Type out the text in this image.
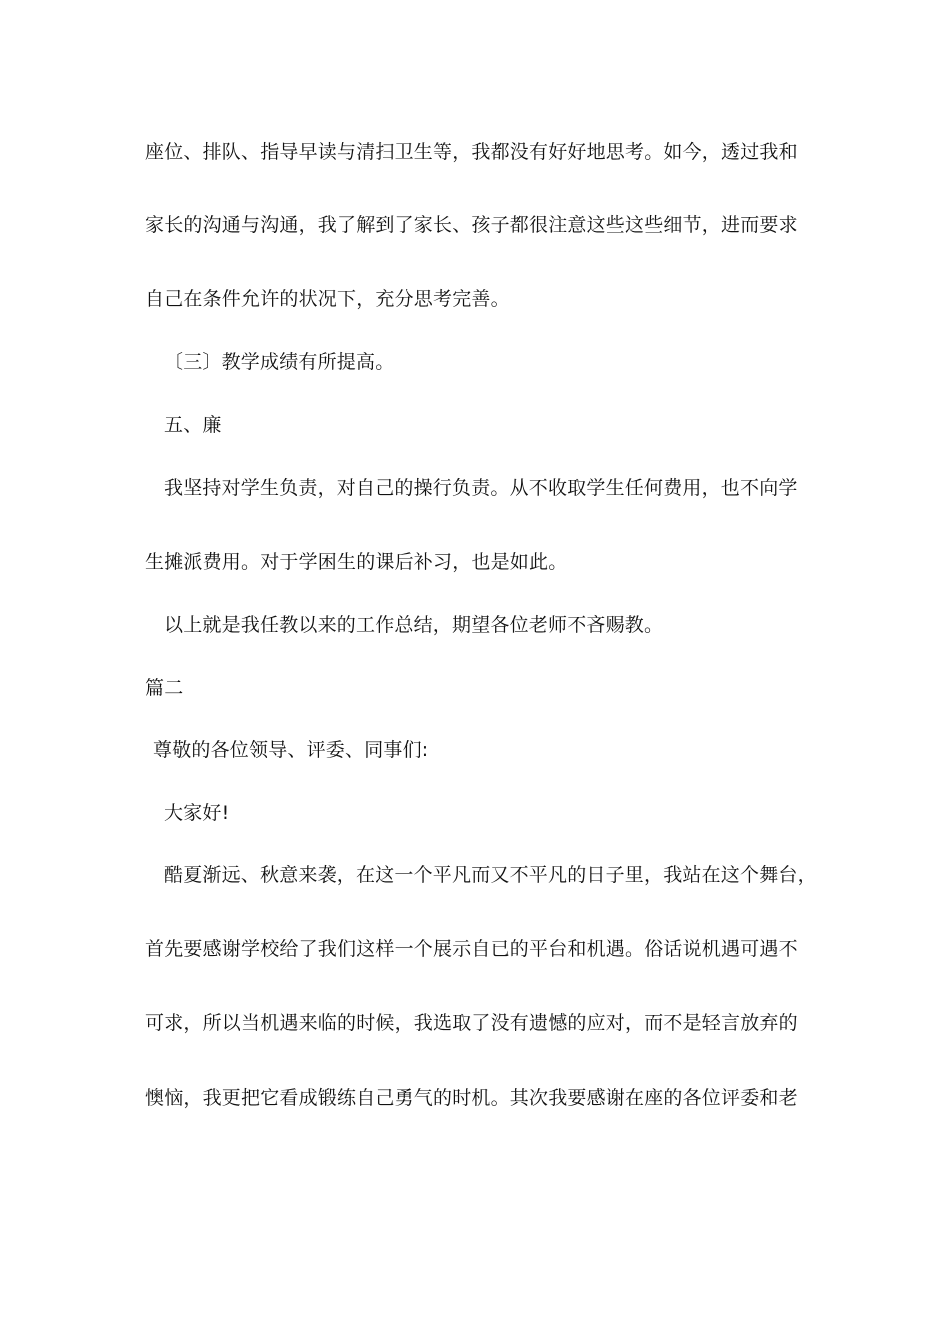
座位、排队、指导早读与清扫卫生等，我都没有好好地思考。如今，透过我和
家长的沟通与沟通，我了解到了家长、孩子都很注意这些这些细节，进而要求
自己在条件允许的状况下，充分思考完善。
〔三〕教学成绩有所提高。
五、廉
我坚持对学生负责，对自己的操行负责。从不收取学生任何费用，也不向学
生摊派费用。对于学困生的课后补习，也是如此。
以上就是我任教以来的工作总结，期望各位老师不吝赐教。
篇二
尊敬的各位领导、评委、同事们:
大家好!
酷夏渐远、秋意来袭，在这一个平凡而又不平凡的日子里，我站在这个舞台，
首先要感谢学校给了我们这样一个展示自已的平台和机遇。俗话说机遇可遇不
可求，所以当机遇来临的时候，我选取了没有遗憾的应对，而不是轻言放弃的
懊恼，我更把它看成锻练自己勇气的时机。其次我要感谢在座的各位评委和老
